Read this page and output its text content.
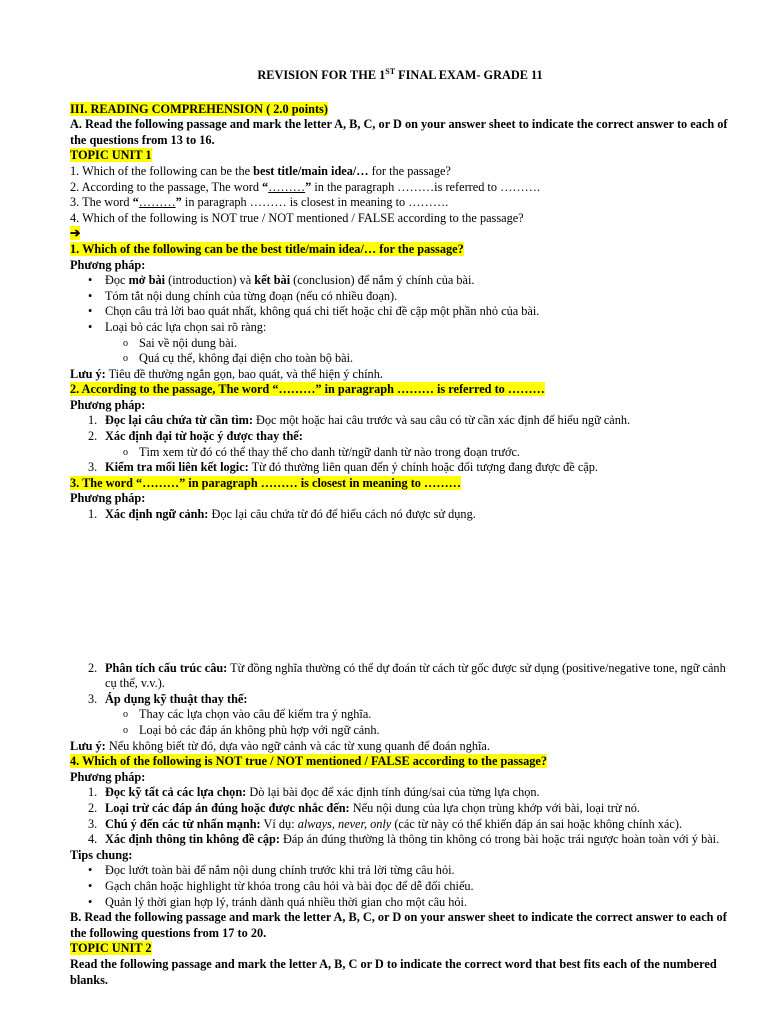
REVISION FOR THE 1ST FINAL EXAM- GRADE 11

III. READING COMPREHENSION ( 2.0 points)

A. Read the following passage and mark the letter A, B, C, or D on your answer sheet to indicate the correct answer to each of the questions from 13 to 16.

TOPIC UNIT 1

1. Which of the following can be the best title/main idea/… for the passage?

2. According to the passage, The word “………” in the paragraph ………is referred to ……….

3. The word “………” in paragraph ……… is closest in meaning to ……….

4. Which of the following is NOT true / NOT mentioned / FALSE according to the passage?

➔

1. Which of the following can be the best title/main idea/… for the passage?

Phương pháp:

• Đọc mở bài (introduction) và kết bài (conclusion) để nắm ý chính của bài.
• Tóm tắt nội dung chính của từng đoạn (nếu có nhiều đoạn).
• Chọn câu trả lời bao quát nhất, không quá chi tiết hoặc chỉ đề cập một phần nhỏ của bài.
• Loại bỏ các lựa chọn sai rõ ràng:
o Sai về nội dung bài.
o Quá cụ thể, không đại diện cho toàn bộ bài.

Lưu ý: Tiêu đề thường ngắn gọn, bao quát, và thể hiện ý chính.

2. According to the passage, The word “………” in paragraph ……… is referred to ………

Phương pháp:

1. Đọc lại câu chứa từ cần tìm: Đọc một hoặc hai câu trước và sau câu có từ cần xác định để hiểu ngữ cảnh.
2. Xác định đại từ hoặc ý được thay thế:
o Tìm xem từ đó có thể thay thế cho danh từ/ngữ danh từ nào trong đoạn trước.
3. Kiểm tra mối liên kết logic: Từ đó thường liên quan đến ý chính hoặc đối tượng đang được đề cập.

3. The word “………” in paragraph ……… is closest in meaning to ………

Phương pháp:

1. Xác định ngữ cảnh: Đọc lại câu chứa từ đó để hiểu cách nó được sử dụng.
2. Phân tích cấu trúc câu: Từ đồng nghĩa thường có thể dự đoán từ cách từ gốc được sử dụng (positive/negative tone, ngữ cảnh cụ thể, v.v.).
3. Áp dụng kỹ thuật thay thế:
o Thay các lựa chọn vào câu để kiểm tra ý nghĩa.
o Loại bỏ các đáp án không phù hợp với ngữ cảnh.

Lưu ý: Nếu không biết từ đó, dựa vào ngữ cảnh và các từ xung quanh để đoán nghĩa.

4. Which of the following is NOT true / NOT mentioned / FALSE according to the passage?

Phương pháp:

1. Đọc kỹ tất cả các lựa chọn: Dò lại bài đọc để xác định tính đúng/sai của từng lựa chọn.
2. Loại trừ các đáp án đúng hoặc được nhắc đến: Nếu nội dung của lựa chọn trùng khớp với bài, loại trừ nó.
3. Chú ý đến các từ nhấn mạnh: Ví dụ: always, never, only (các từ này có thể khiến đáp án sai hoặc không chính xác).
4. Xác định thông tin không đề cập: Đáp án đúng thường là thông tin không có trong bài hoặc trái ngược hoàn toàn với ý bài.

Tips chung:

• Đọc lướt toàn bài để nắm nội dung chính trước khi trả lời từng câu hỏi.
• Gạch chân hoặc highlight từ khóa trong câu hỏi và bài đọc để dễ đối chiếu.
• Quản lý thời gian hợp lý, tránh dành quá nhiều thời gian cho một câu hỏi.

B. Read the following passage and mark the letter A, B, C, or D on your answer sheet to indicate the correct answer to each of the following questions from 17 to 20.

TOPIC UNIT 2

Read the following passage and mark the letter A, B, C or D to indicate the correct word that best fits each of the numbered blanks.
